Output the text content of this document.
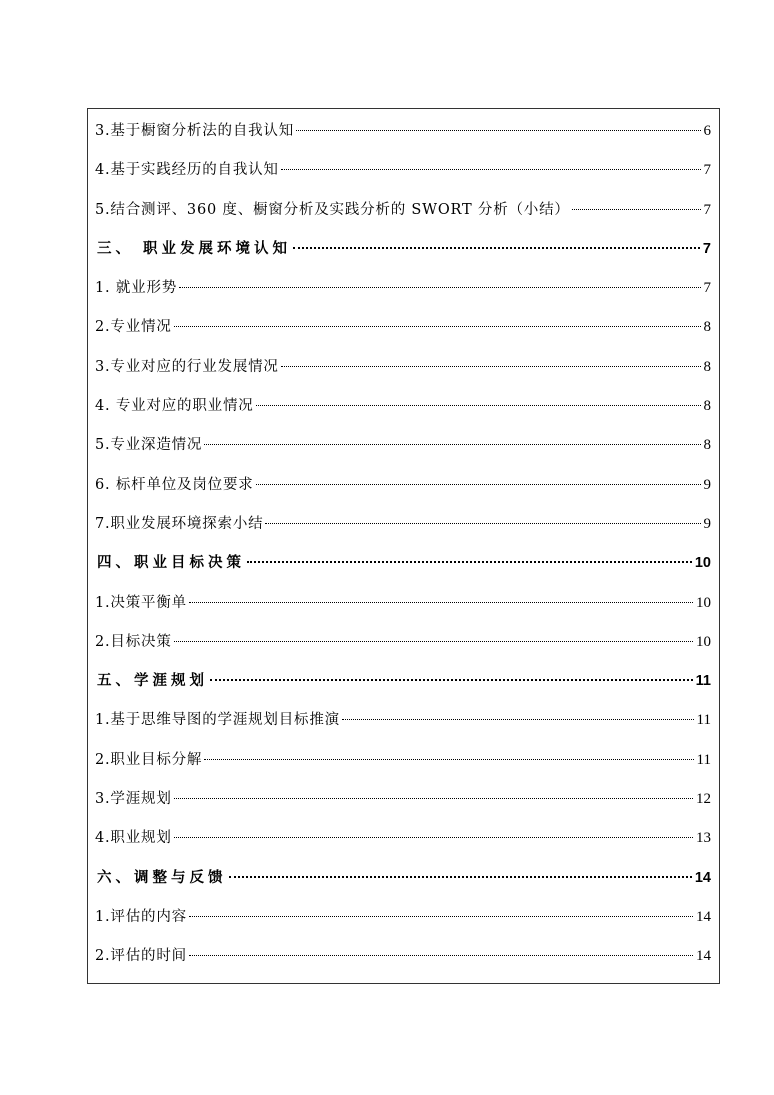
3.基于橱窗分析法的自我认知	6
4.基于实践经历的自我认知	7
5.结合测评、360 度、橱窗分析及实践分析的 SWORT 分析（小结）	7
三、 职业发展环境认知	7
1. 就业形势	7
2.专业情况	8
3.专业对应的行业发展情况	8
4. 专业对应的职业情况	8
5.专业深造情况	8
6. 标杆单位及岗位要求	9
7.职业发展环境探索小结	9
四、职业目标决策	10
1.决策平衡单	10
2.目标决策	10
五、学涯规划	11
1.基于思维导图的学涯规划目标推演	11
2.职业目标分解	11
3.学涯规划	12
4.职业规划	13
六、调整与反馈	14
1.评估的内容	14
2.评估的时间	14
